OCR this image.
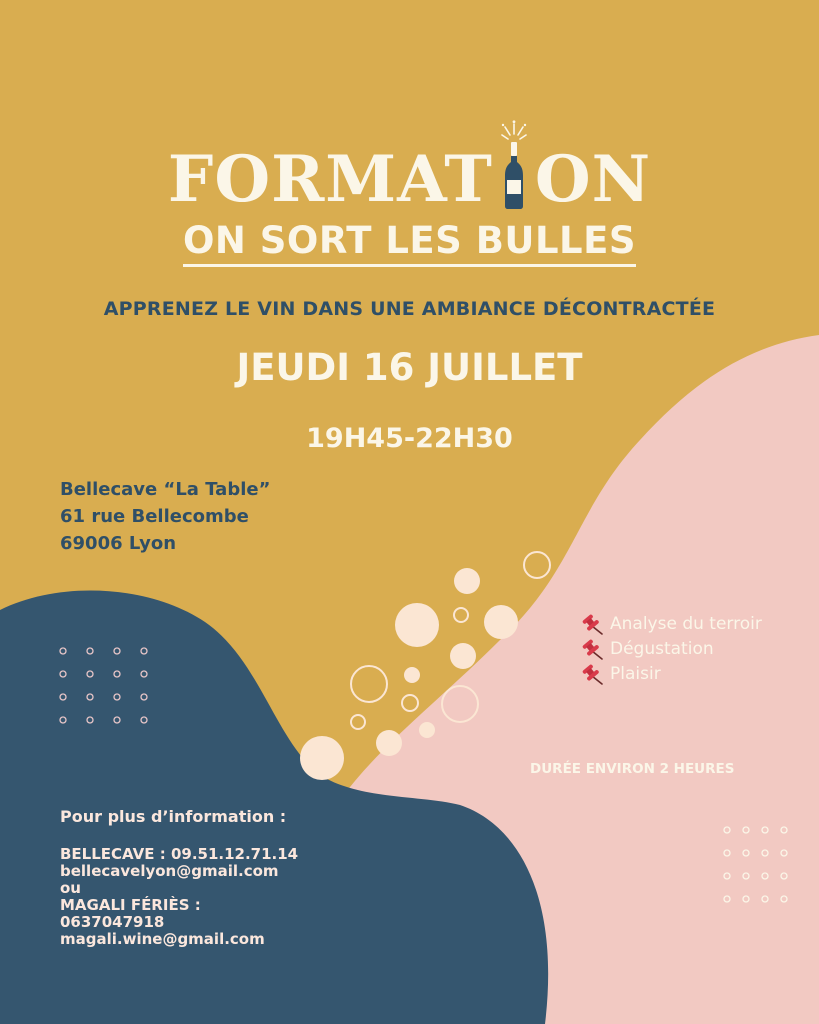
FORMAT ON
ON SORT LES BULLES
APPRENEZ LE VIN DANS UNE AMBIANCE DÉCONTRACTÉE
JEUDI 16 JUILLET
19H45-22H30
Bellecave “La Table”
61 rue Bellecombe
69006 Lyon
Analyse du terroir
Dégustation
Plaisir
DURÉE ENVIRON 2 HEURES
Pour plus d’information :
BELLECAVE : 09.51.12.71.14
bellecavelyon@gmail.com
ou
MAGALI FÉRIÈS :
0637047918
magali.wine@gmail.com
